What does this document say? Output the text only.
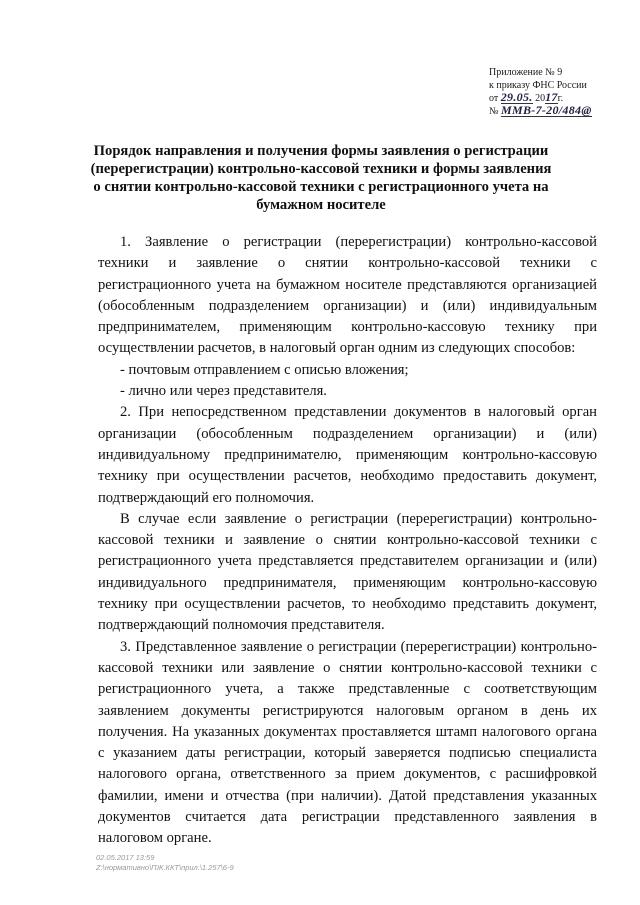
Приложение № 9
к приказу ФНС России
от 29.05. 2017г.
№ ММВ-7-20/484@
Порядок направления и получения формы заявления о регистрации (перерегистрации) контрольно-кассовой техники и формы заявления о снятии контрольно-кассовой техники с регистрационного учета на бумажном носителе

1. Заявление о регистрации (перерегистрации) контрольно-кассовой техники и заявление о снятии контрольно-кассовой техники с регистрационного учета на бумажном носителе представляются организацией (обособленным подразделением организации) и (или) индивидуальным предпринимателем, применяющим контрольно-кассовую технику при осуществлении расчетов, в налоговый орган одним из следующих способов:

- почтовым отправлением с описью вложения;

- лично или через представителя.

2. При непосредственном представлении документов в налоговый орган организации (обособленным подразделением организации) и (или) индивидуальному предпринимателю, применяющим контрольно-кассовую технику при осуществлении расчетов, необходимо предоставить документ, подтверждающий его полномочия.

В случае если заявление о регистрации (перерегистрации) контрольно-кассовой техники и заявление о снятии контрольно-кассовой техники с регистрационного учета представляется представителем организации и (или) индивидуального предпринимателя, применяющим контрольно-кассовую технику при осуществлении расчетов, то необходимо представить документ, подтверждающий полномочия представителя.

3. Представленное заявление о регистрации (перерегистрации) контрольно-кассовой техники или заявление о снятии контрольно-кассовой техники с регистрационного учета, а также представленные с соответствующим заявлением документы регистрируются налоговым органом в день их получения. На указанных документах проставляется штамп налогового органа с указанием даты регистрации, который заверяется подписью специалиста налогового органа, ответственного за прием документов, с расшифровкой фамилии, имени и отчества (при наличии). Датой представления указанных документов считается дата регистрации представленного заявления в налоговом органе.

02.05.2017 13:59
Z:\нормативно\ПЖ.ККТ\прил.\1.257\6-9
